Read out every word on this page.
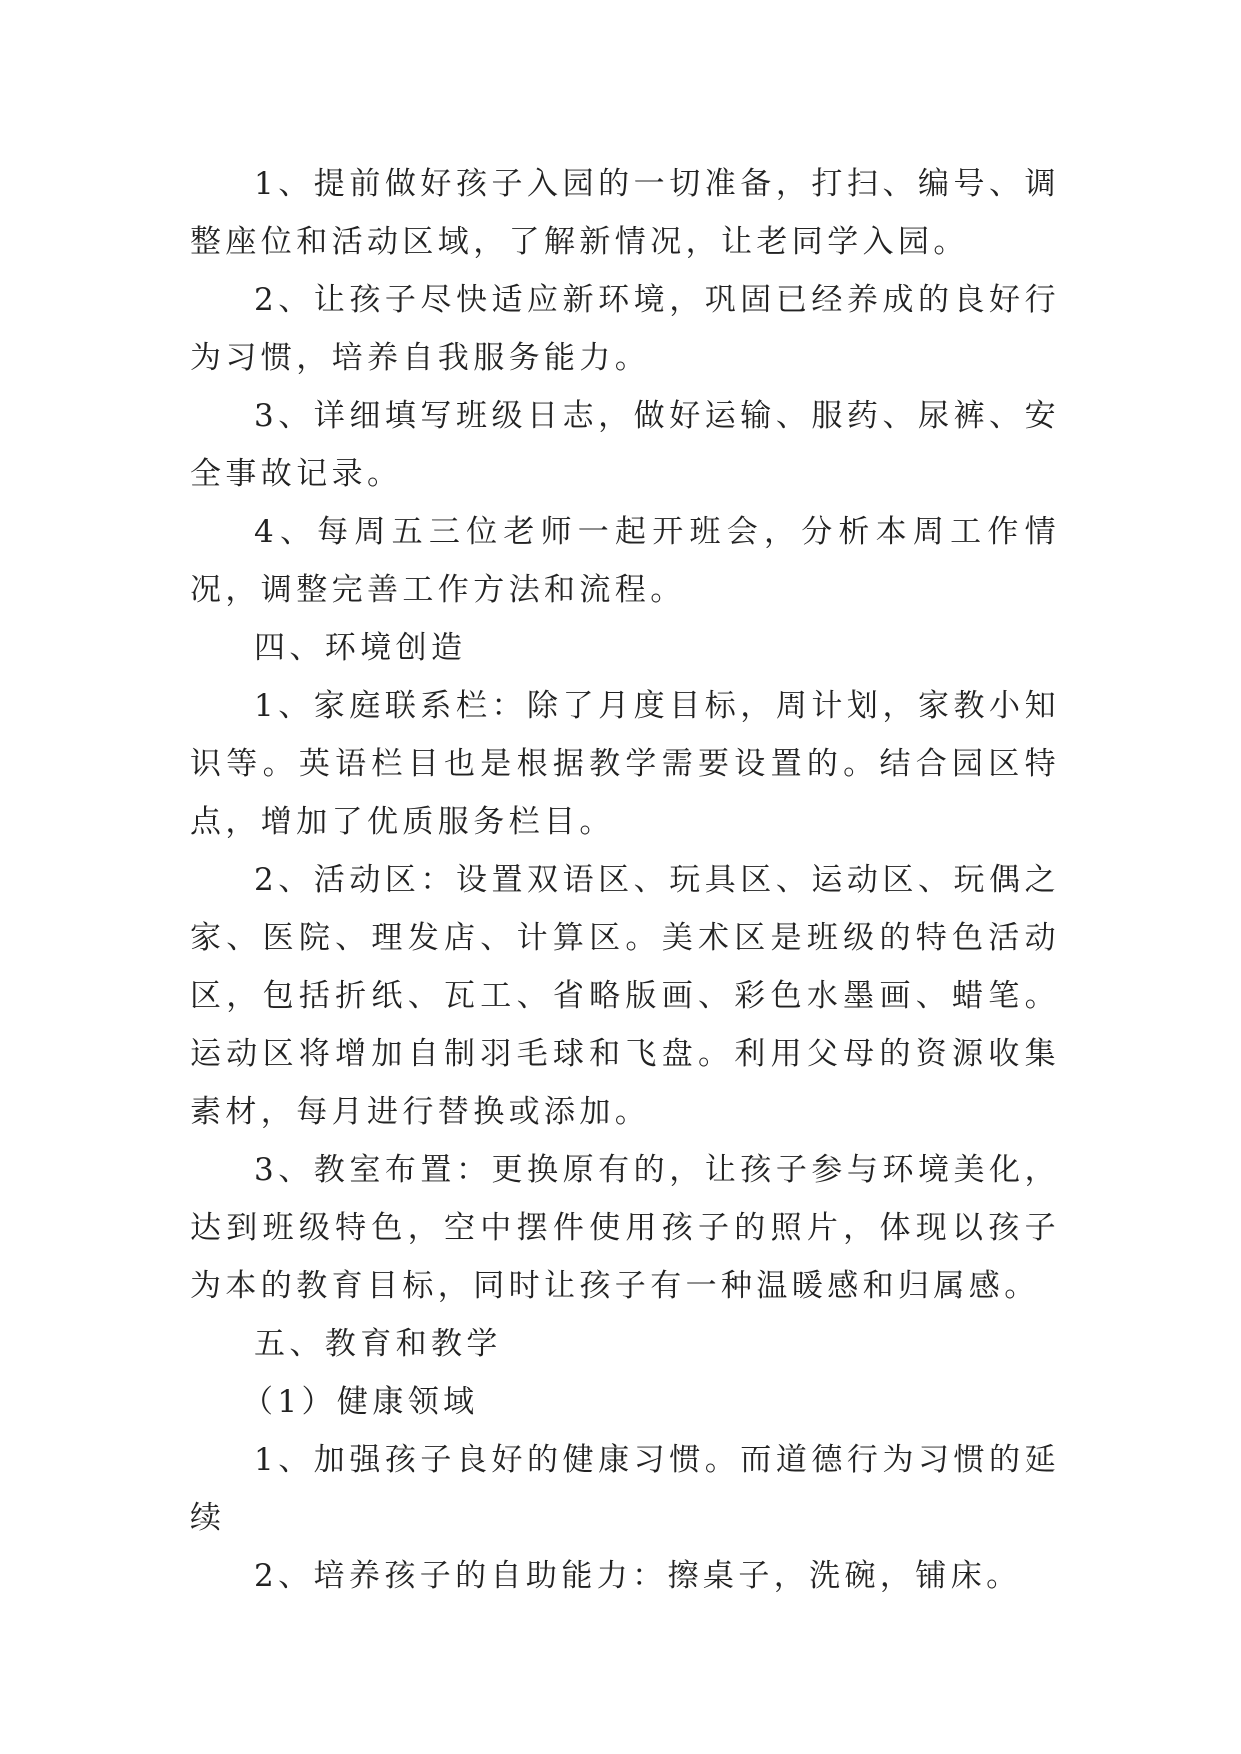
1、提前做好孩子入园的一切准备，打扫、编号、调整座位和活动区域，了解新情况，让老同学入园。

2、让孩子尽快适应新环境，巩固已经养成的良好行为习惯，培养自我服务能力。

3、详细填写班级日志，做好运输、服药、尿裤、安全事故记录。

4、每周五三位老师一起开班会，分析本周工作情况，调整完善工作方法和流程。

四、环境创造

1、家庭联系栏：除了月度目标，周计划，家教小知识等。英语栏目也是根据教学需要设置的。结合园区特点，增加了优质服务栏目。

2、活动区：设置双语区、玩具区、运动区、玩偶之家、医院、理发店、计算区。美术区是班级的特色活动区，包括折纸、瓦工、省略版画、彩色水墨画、蜡笔。运动区将增加自制羽毛球和飞盘。利用父母的资源收集素材，每月进行替换或添加。

3、教室布置：更换原有的，让孩子参与环境美化，达到班级特色，空中摆件使用孩子的照片，体现以孩子为本的教育目标，同时让孩子有一种温暖感和归属感。

五、教育和教学

（1）健康领域

1、加强孩子良好的健康习惯。而道德行为习惯的延续

2、培养孩子的自助能力：擦桌子，洗碗，铺床。
